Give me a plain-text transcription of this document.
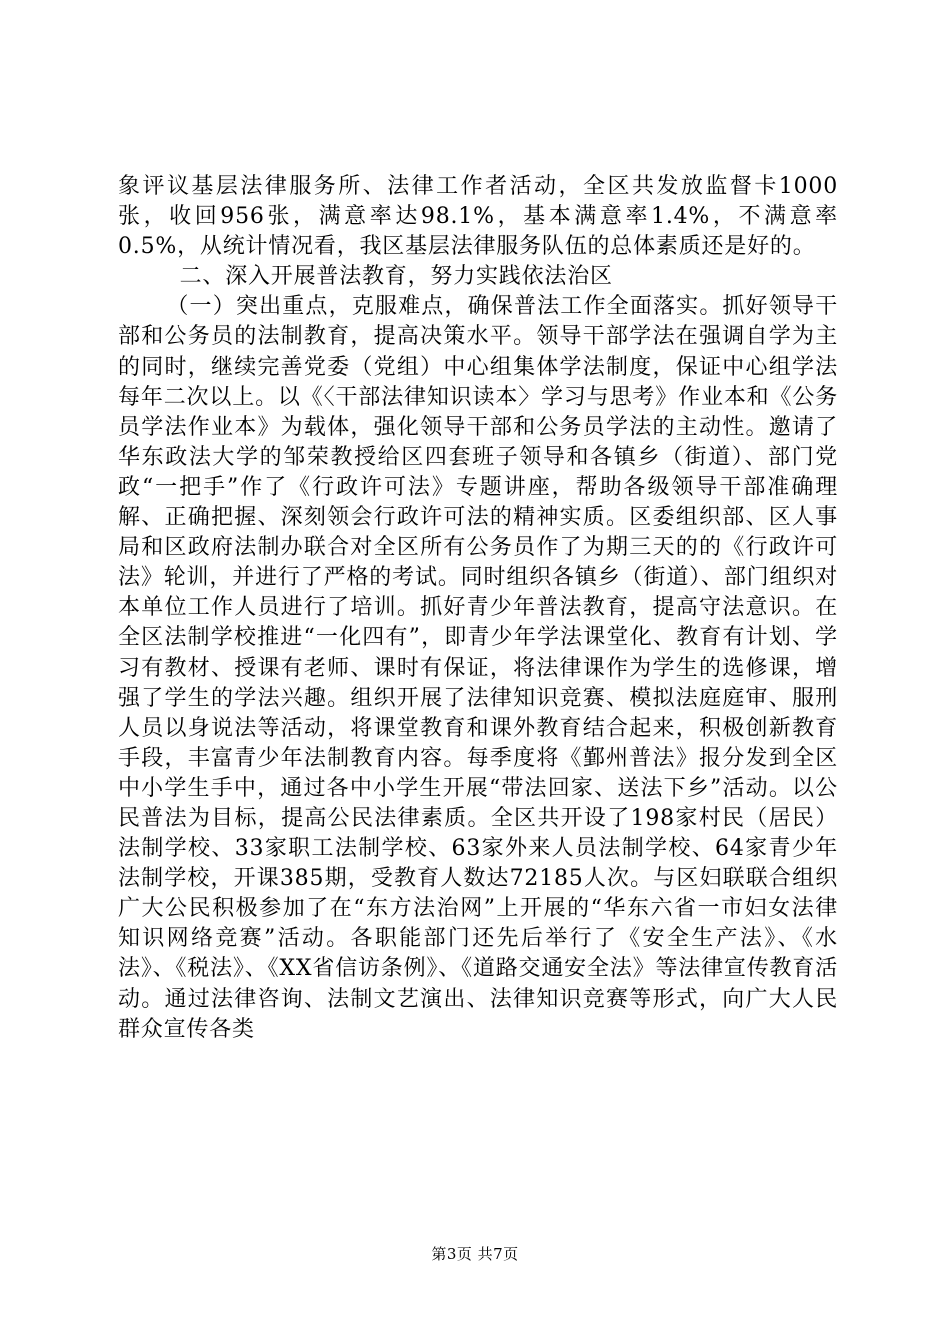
象评议基层法律服务所、法律工作者活动，全区共发放监督卡1000张，收回956张，满意率达98.1%，基本满意率1.4%，不满意率0.5%，从统计情况看，我区基层法律服务队伍的总体素质还是好的。

二、深入开展普法教育，努力实践依法治区

（一）突出重点，克服难点，确保普法工作全面落实。抓好领导干部和公务员的法制教育，提高决策水平。领导干部学法在强调自学为主的同时，继续完善党委（党组）中心组集体学法制度，保证中心组学法每年二次以上。以《〈干部法律知识读本〉学习与思考》作业本和《公务员学法作业本》为载体，强化领导干部和公务员学法的主动性。邀请了华东政法大学的邹荣教授给区四套班子领导和各镇乡（街道）、部门党政“一把手”作了《行政许可法》专题讲座，帮助各级领导干部准确理解、正确把握、深刻领会行政许可法的精神实质。区委组织部、区人事局和区政府法制办联合对全区所有公务员作了为期三天的的《行政许可法》轮训，并进行了严格的考试。同时组织各镇乡（街道）、部门组织对本单位工作人员进行了培训。抓好青少年普法教育，提高守法意识。在全区法制学校推进“一化四有”，即青少年学法课堂化、教育有计划、学习有教材、授课有老师、课时有保证，将法律课作为学生的选修课，增强了学生的学法兴趣。组织开展了法律知识竞赛、模拟法庭庭审、服刑人员以身说法等活动，将课堂教育和课外教育结合起来，积极创新教育手段，丰富青少年法制教育内容。每季度将《鄞州普法》报分发到全区中小学生手中，通过各中小学生开展“带法回家、送法下乡”活动。以公民普法为目标，提高公民法律素质。全区共开设了198家村民（居民）法制学校、33家职工法制学校、63家外来人员法制学校、64家青少年法制学校，开课385期，受教育人数达72185人次。与区妇联联合组织广大公民积极参加了在“东方法治网”上开展的“华东六省一市妇女法律知识网络竞赛”活动。各职能部门还先后举行了《安全生产法》、《水法》、《税法》、《XX省信访条例》、《道路交通安全法》等法律宣传教育活动。通过法律咨询、法制文艺演出、法律知识竞赛等形式，向广大人民群众宣传各类

第3页 共7页
